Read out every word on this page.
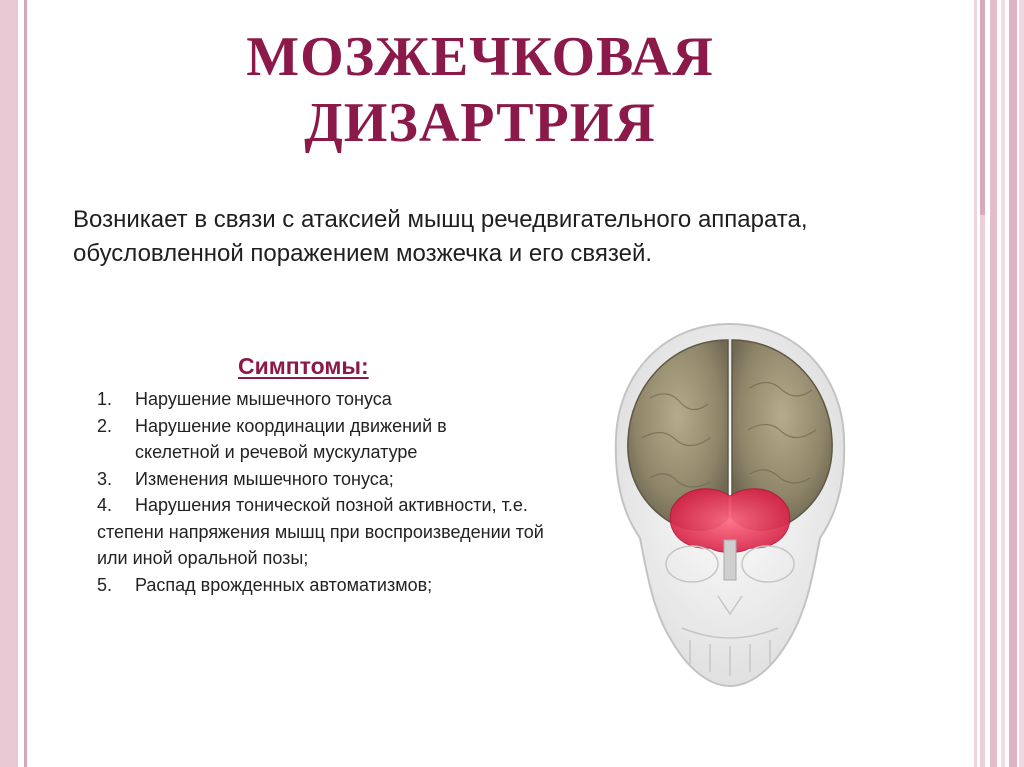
МОЗЖЕЧКОВАЯ
ДИЗАРТРИЯ
Возникает в связи с атаксией мышц речедвигательного аппарата, обусловленной поражением мозжечка и его связей.
Симптомы:
1.	Нарушение мышечного тонуса
2.	Нарушение координации движений в скелетной и речевой мускулатуре
3.	Изменения мышечного тонуса;
4. Нарушения тонической позной активности, т.е. степени напряжения мышц при воспроизведении той или иной оральной позы;
5.	Распад врожденных автоматизмов;
